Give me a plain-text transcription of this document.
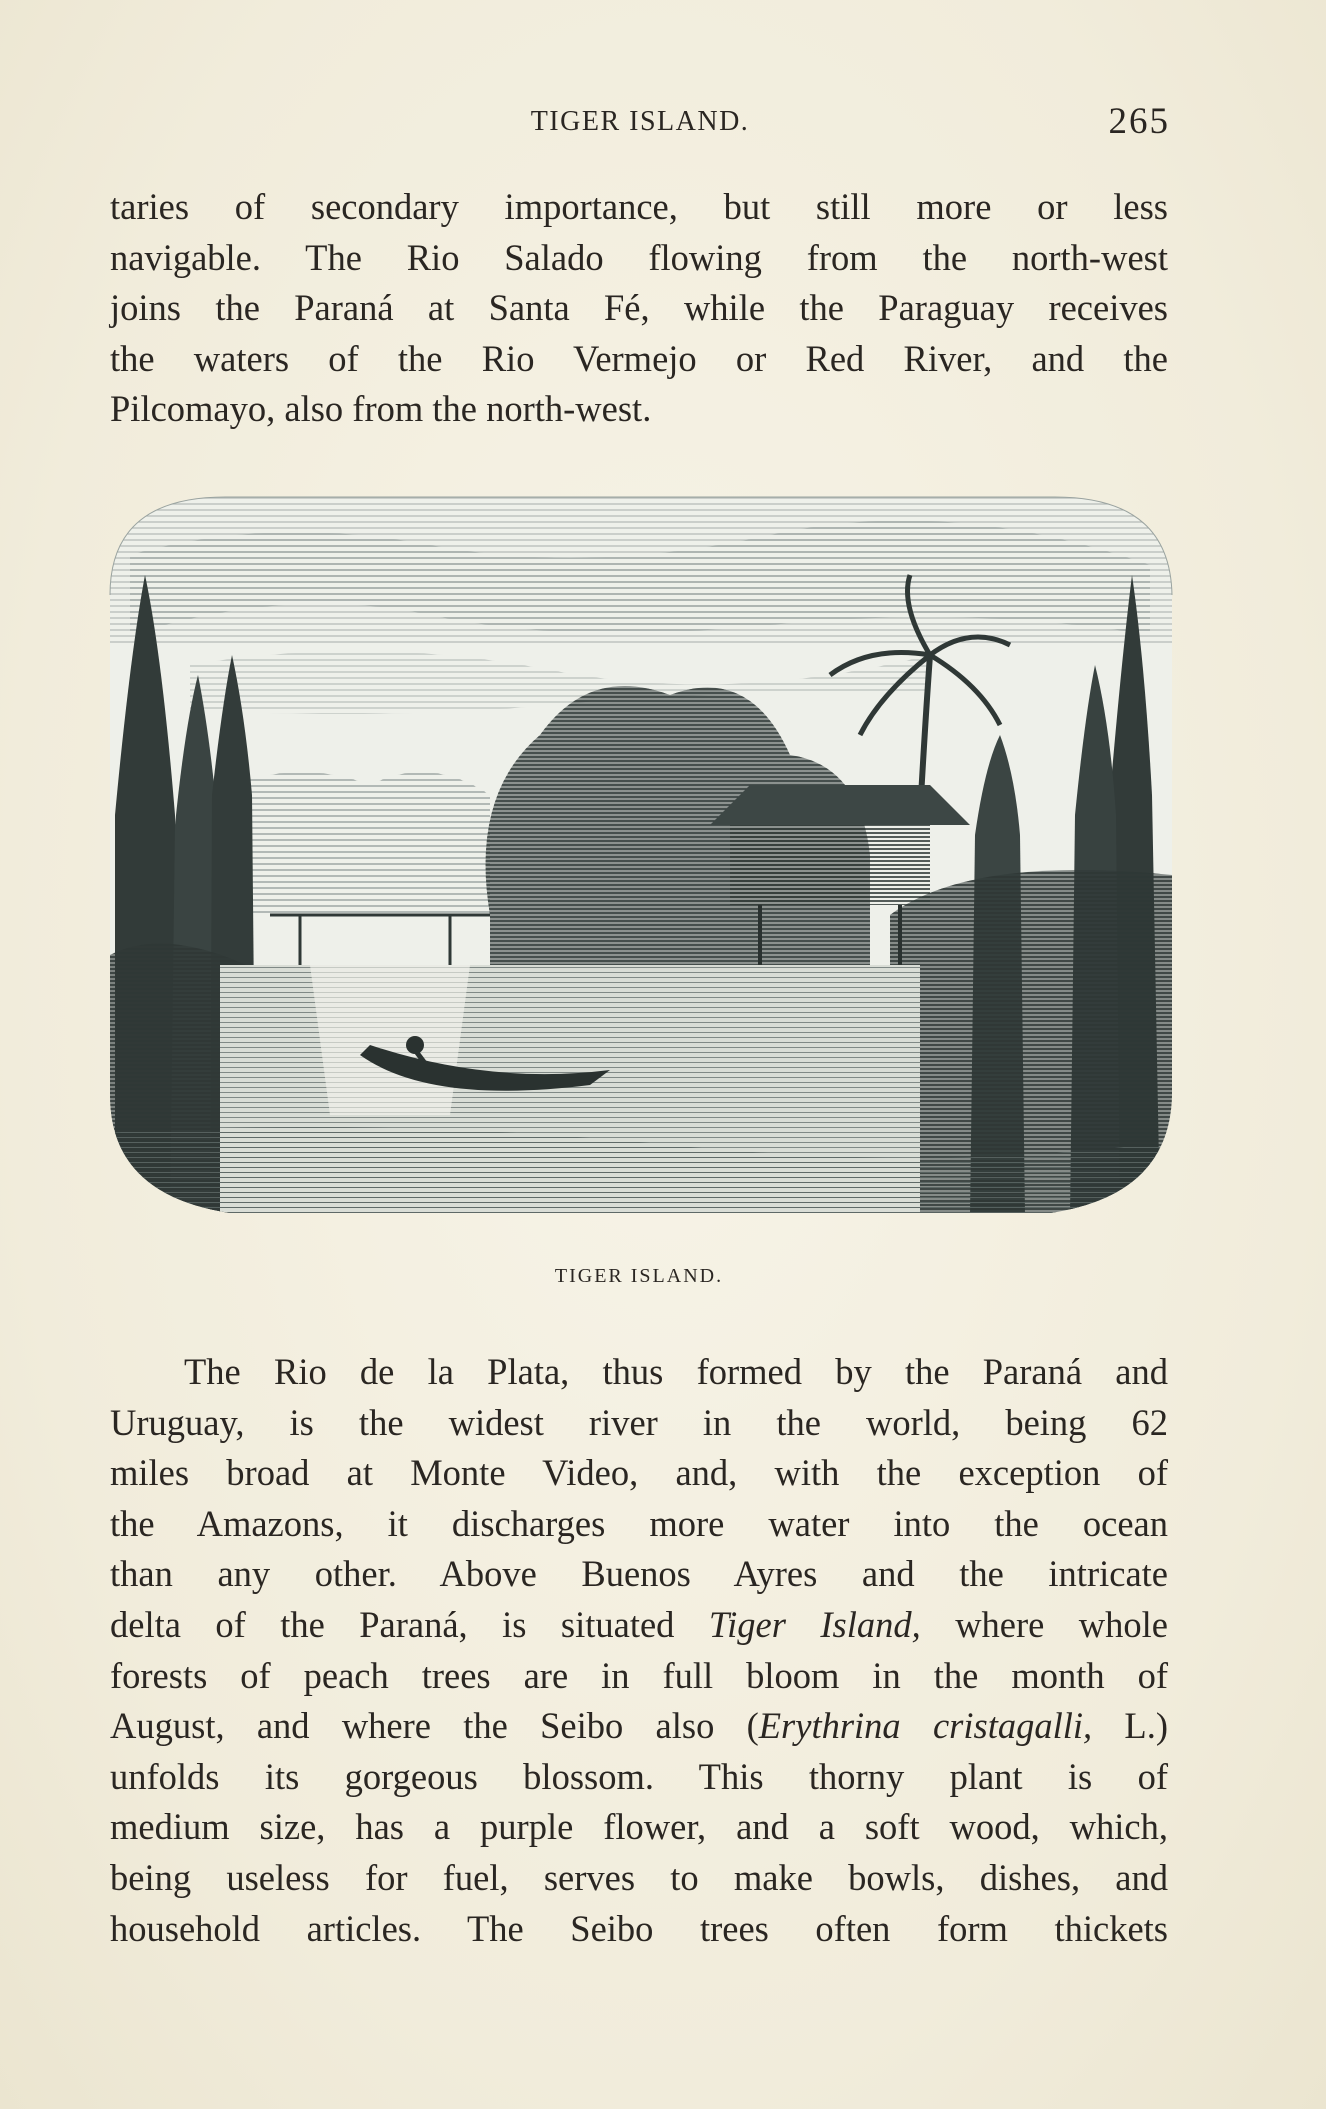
TIGER ISLAND.	265
taries of secondary importance, but still more or less
navigable. The Rio Salado flowing from the north-west
joins the Paraná at Santa Fé, while the Paraguay receives
the waters of the Rio Vermejo or Red River, and the
Pilcomayo, also from the north-west.
TIGER ISLAND.
The Rio de la Plata, thus formed by the Paraná and
Uruguay, is the widest river in the world, being 62
miles broad at Monte Video, and, with the exception of
the Amazons, it discharges more water into the ocean
than any other. Above Buenos Ayres and the intricate
delta of the Paraná, is situated Tiger Island, where whole
forests of peach trees are in full bloom in the month of
August, and where the Seibo also (Erythrina cristagalli, L.)
unfolds its gorgeous blossom. This thorny plant is of
medium size, has a purple flower, and a soft wood, which,
being useless for fuel, serves to make bowls, dishes, and
household articles. The Seibo trees often form thickets
